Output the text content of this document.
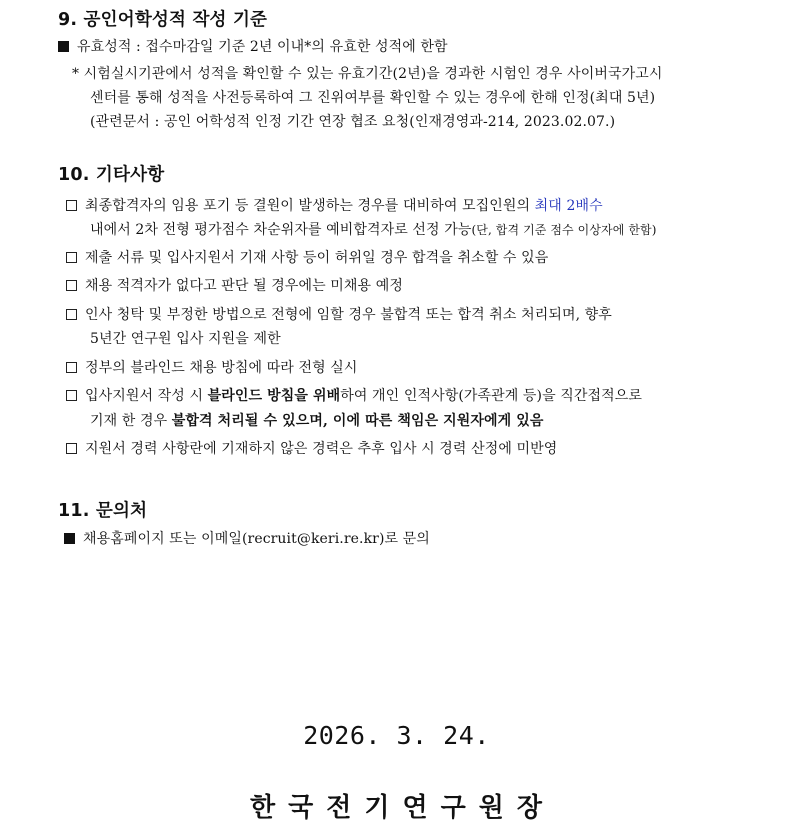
9. 공인어학성적 작성 기준
유효성적 : 접수마감일 기준 2년 이내*의 유효한 성적에 한함
* 시험실시기관에서 성적을 확인할 수 있는 유효기간(2년)을 경과한 시험인 경우 사이버국가고시
센터를 통해 성적을 사전등록하여 그 진위여부를 확인할 수 있는 경우에 한해 인정(최대 5년)
(관련문서 : 공인 어학성적 인정 기간 연장 협조 요청(인재경영과-214, 2023.02.07.)
10. 기타사항
최종합격자의 임용 포기 등 결원이 발생하는 경우를 대비하여 모집인원의 최대 2배수
내에서 2차 전형 평가점수 차순위자를 예비합격자로 선정 가능(단, 합격 기준 점수 이상자에 한함)
제출 서류 및 입사지원서 기재 사항 등이 허위일 경우 합격을 취소할 수 있음
채용 적격자가 없다고 판단 될 경우에는 미채용 예정
인사 청탁 및 부정한 방법으로 전형에 임할 경우 불합격 또는 합격 취소 처리되며, 향후
5년간 연구원 입사 지원을 제한
정부의 블라인드 채용 방침에 따라 전형 실시
입사지원서 작성 시 블라인드 방침을 위배하여 개인 인적사항(가족관계 등)을 직간접적으로
기재 한 경우 불합격 처리될 수 있으며, 이에 따른 책임은 지원자에게 있음
지원서 경력 사항란에 기재하지 않은 경력은 추후 입사 시 경력 산정에 미반영
11. 문의처
채용홈페이지 또는 이메일(recruit@keri.re.kr)로 문의
2026. 3. 24.
한국전기연구원장
